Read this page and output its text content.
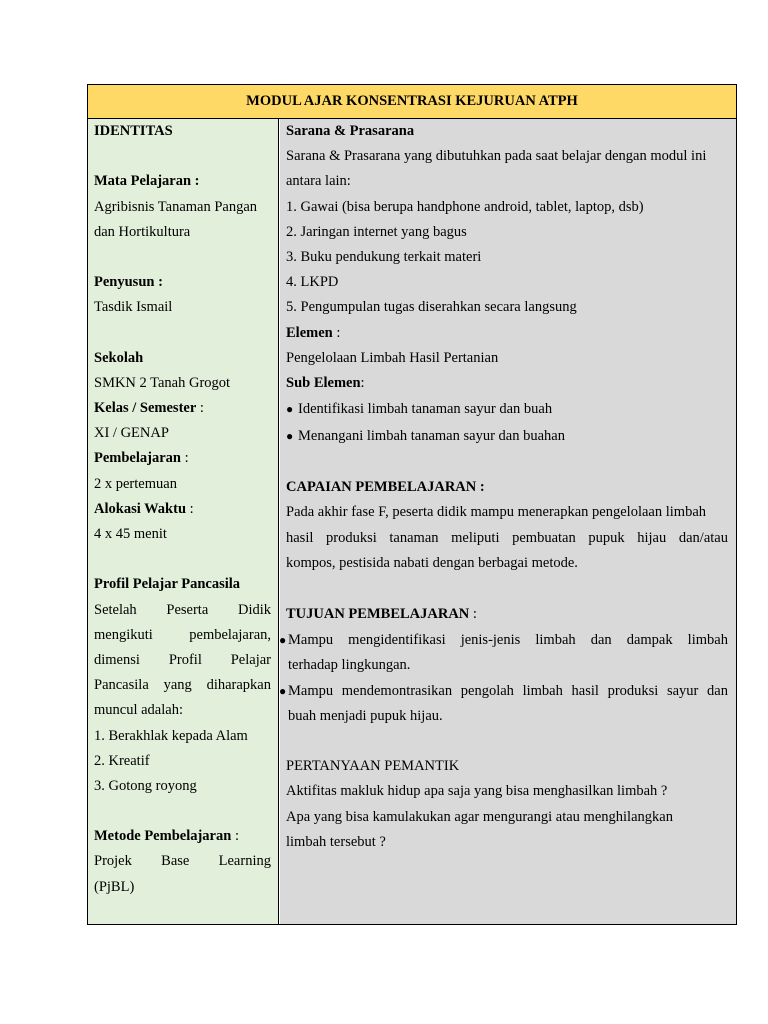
MODUL AJAR KONSENTRASI KEJURUAN ATPH
IDENTITAS
Mata Pelajaran :
Agribisnis Tanaman Pangan
dan Hortikultura
Penyusun :
Tasdik Ismail
Sekolah
SMKN 2 Tanah Grogot
Kelas / Semester :
XI / GENAP
Pembelajaran :
2 x pertemuan
Alokasi Waktu :
4 x 45 menit
Profil Pelajar Pancasila
Setelah Peserta Didik
mengikuti	pembelajaran,
dimensi Profil Pelajar
Pancasila yang diharapkan
muncul adalah:
1. Berakhlak kepada Alam
2. Kreatif
3. Gotong royong
Metode Pembelajaran :
Projek Base Learning
(PjBL)
Sarana & Prasarana
Sarana & Prasarana yang dibutuhkan pada saat belajar dengan modul ini
antara lain:
1. Gawai (bisa berupa handphone android, tablet, laptop, dsb)
2. Jaringan internet yang bagus
3. Buku pendukung terkait materi
4. LKPD
5. Pengumpulan tugas diserahkan secara langsung
Elemen :
Pengelolaan Limbah Hasil Pertanian
Sub Elemen:
● Identifikasi limbah tanaman sayur dan buah
● Menangani limbah tanaman sayur dan buahan
CAPAIAN PEMBELAJARAN :
Pada akhir fase F, peserta didik mampu menerapkan pengelolaan limbah
hasil produksi tanaman meliputi pembuatan pupuk hijau dan/atau
kompos, pestisida nabati dengan berbagai metode.
TUJUAN PEMBELAJARAN :
● Mampu mengidentifikasi jenis-jenis limbah dan dampak limbah
terhadap lingkungan.
● Mampu mendemontrasikan pengolah limbah hasil produksi sayur dan
buah menjadi pupuk hijau.
PERTANYAAN PEMANTIK
Aktifitas makluk hidup apa saja yang bisa menghasilkan limbah ?
Apa yang bisa kamulakukan agar mengurangi atau menghilangkan
limbah tersebut ?
